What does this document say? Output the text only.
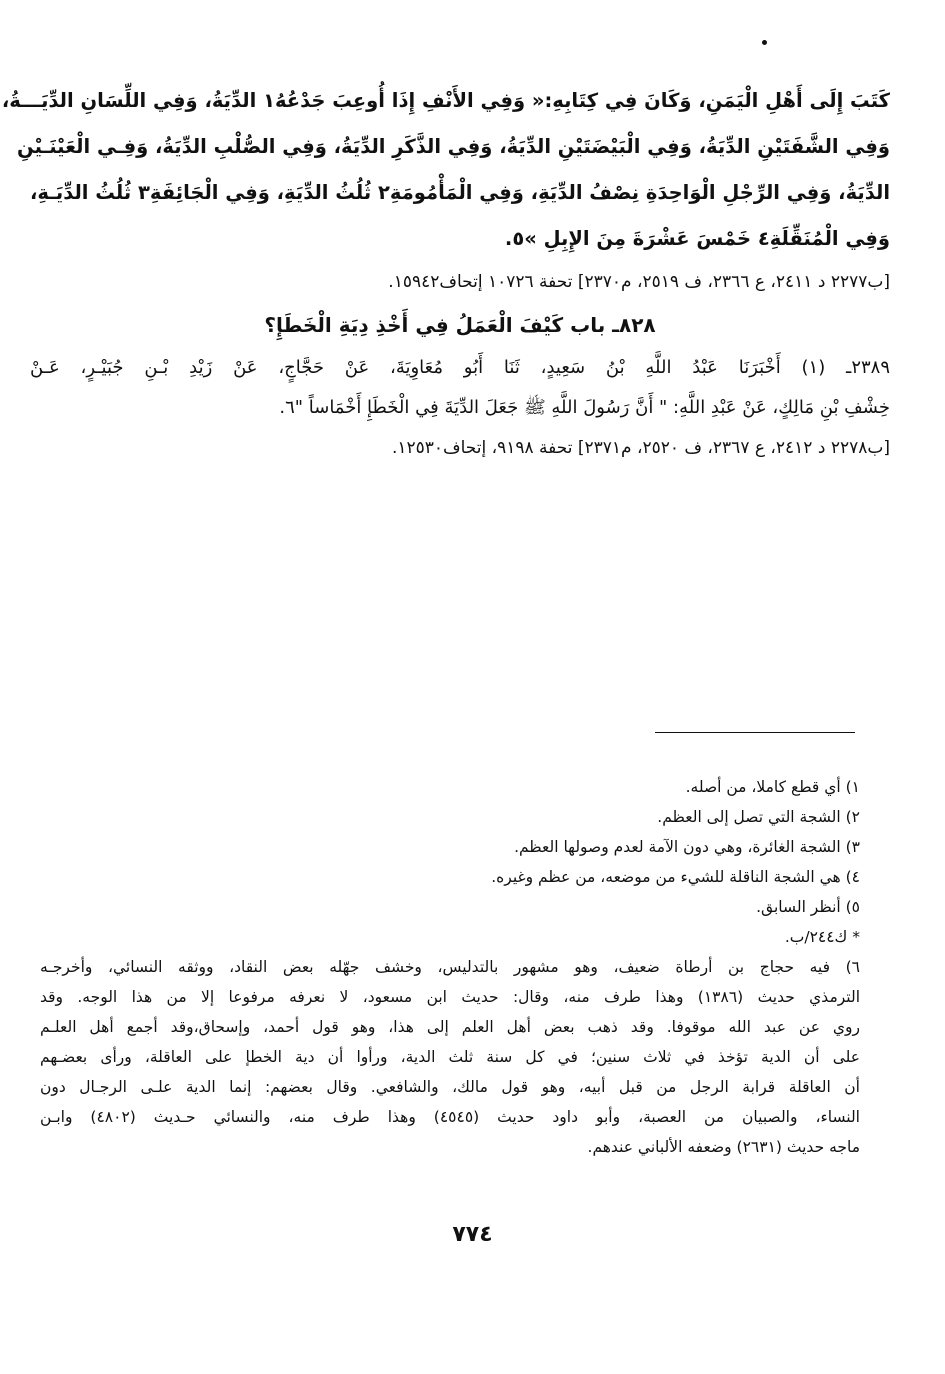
كَتَبَ إِلَى أَهْلِ الْيَمَنِ، وَكَانَ فِي كِتَابِهِ:« وَفِي الأَنْفِ إِذَا أُوعِبَ جَدْعُهُ١ الدِّيَةُ، وَفِي اللِّسَانِ الدِّيَـــةُ،
وَفِي الشَّفَتَيْنِ الدِّيَةُ، وَفِي الْبَيْضَتَيْنِ الدِّيَةُ، وَفِي الذَّكَرِ الدِّيَةُ، وَفِي الصُّلْبِ الدِّيَةُ، وَفِـي الْعَيْنَـيْنِ
الدِّيَةُ، وَفِي الرِّجْلِ الْوَاحِدَةِ نِصْفُ الدِّيَةِ، وَفِي الْمَأْمُومَةِ٢ ثُلُثُ الدِّيَةِ، وَفِي الْجَائِفَةِ٣ ثُلُثُ الدِّيَـةِ،
وَفِي الْمُنَقِّلَةِ٤ خَمْسَ عَشْرَةَ مِنَ الإِبِلِ »٥.
[ب٢٢٧٧ د ٢٤١١، ع ٢٣٦٦، ف ٢٥١٩، م٢٣٧٠] تحفة ١٠٧٢٦ إتحاف١٥٩٤٢.
٨٢٨ـ باب كَيْفَ الْعَمَلُ فِي أَخْذِ دِيَةِ الْخَطَإِ؟
٢٣٨٩ـ (١) أَخْبَرَنَا عَبْدُ اللَّهِ بْنُ سَعِيدٍ، ثَنَا أَبُو مُعَاوِيَةَ، عَنْ حَجَّاجٍ، عَنْ زَيْدِ بْـنِ جُبَيْـرٍ، عَـنْ
خِشْفِ بْنِ مَالِكٍ، عَنْ عَبْدِ اللَّهِ: " أَنَّ رَسُولَ اللَّهِ ﷺ جَعَلَ الدِّيَةَ فِي الْخَطَإِ أَخْمَاساً "٦.
[ب٢٢٧٨ د ٢٤١٢، ع ٢٣٦٧، ف ٢٥٢٠، م٢٣٧١] تحفة ٩١٩٨، إتحاف١٢٥٣٠.
١) أي قطع كاملا، من أصله.
٢) الشجة التي تصل إلى العظم.
٣) الشجة الغائرة، وهي دون الآمة لعدم وصولها العظم.
٤) هي الشجة الناقلة للشيء من موضعه، من عظم وغيره.
٥) أنظر السابق.
* ك٢٤٤/ب.
٦) فيه حجاج بن أرطاة ضعيف، وهو مشهور بالتدليس، وخشف جهّله بعض النقاد، ووثقه النسائي، وأخرجـه
الترمذي حديث (١٣٨٦) وهذا طرف منه، وقال: حديث ابن مسعود، لا نعرفه مرفوعا إلا من هذا الوجه. وقد
روي عن عبد الله موقوفا. وقد ذهب بعض أهل العلم إلى هذا، وهو قول أحمد، وإسحاق،وقد أجمع أهل العلـم
على أن الدية تؤخذ في ثلاث سنين؛ في كل سنة ثلث الدية، ورأوا أن دية الخطإ على العاقلة، ورأى بعضـهم
أن العاقلة قرابة الرجل من قبل أبيه، وهو قول مالك، والشافعي. وقال بعضهم: إنما الدية علـى الرجـال دون
النساء، والصبيان من العصبة، وأبو داود حديث (٤٥٤٥) وهذا طرف منه، والنسائي حـديث (٤٨٠٢) وابـن
ماجه حديث (٢٦٣١) وضعفه الألباني عندهم.
٧٧٤
